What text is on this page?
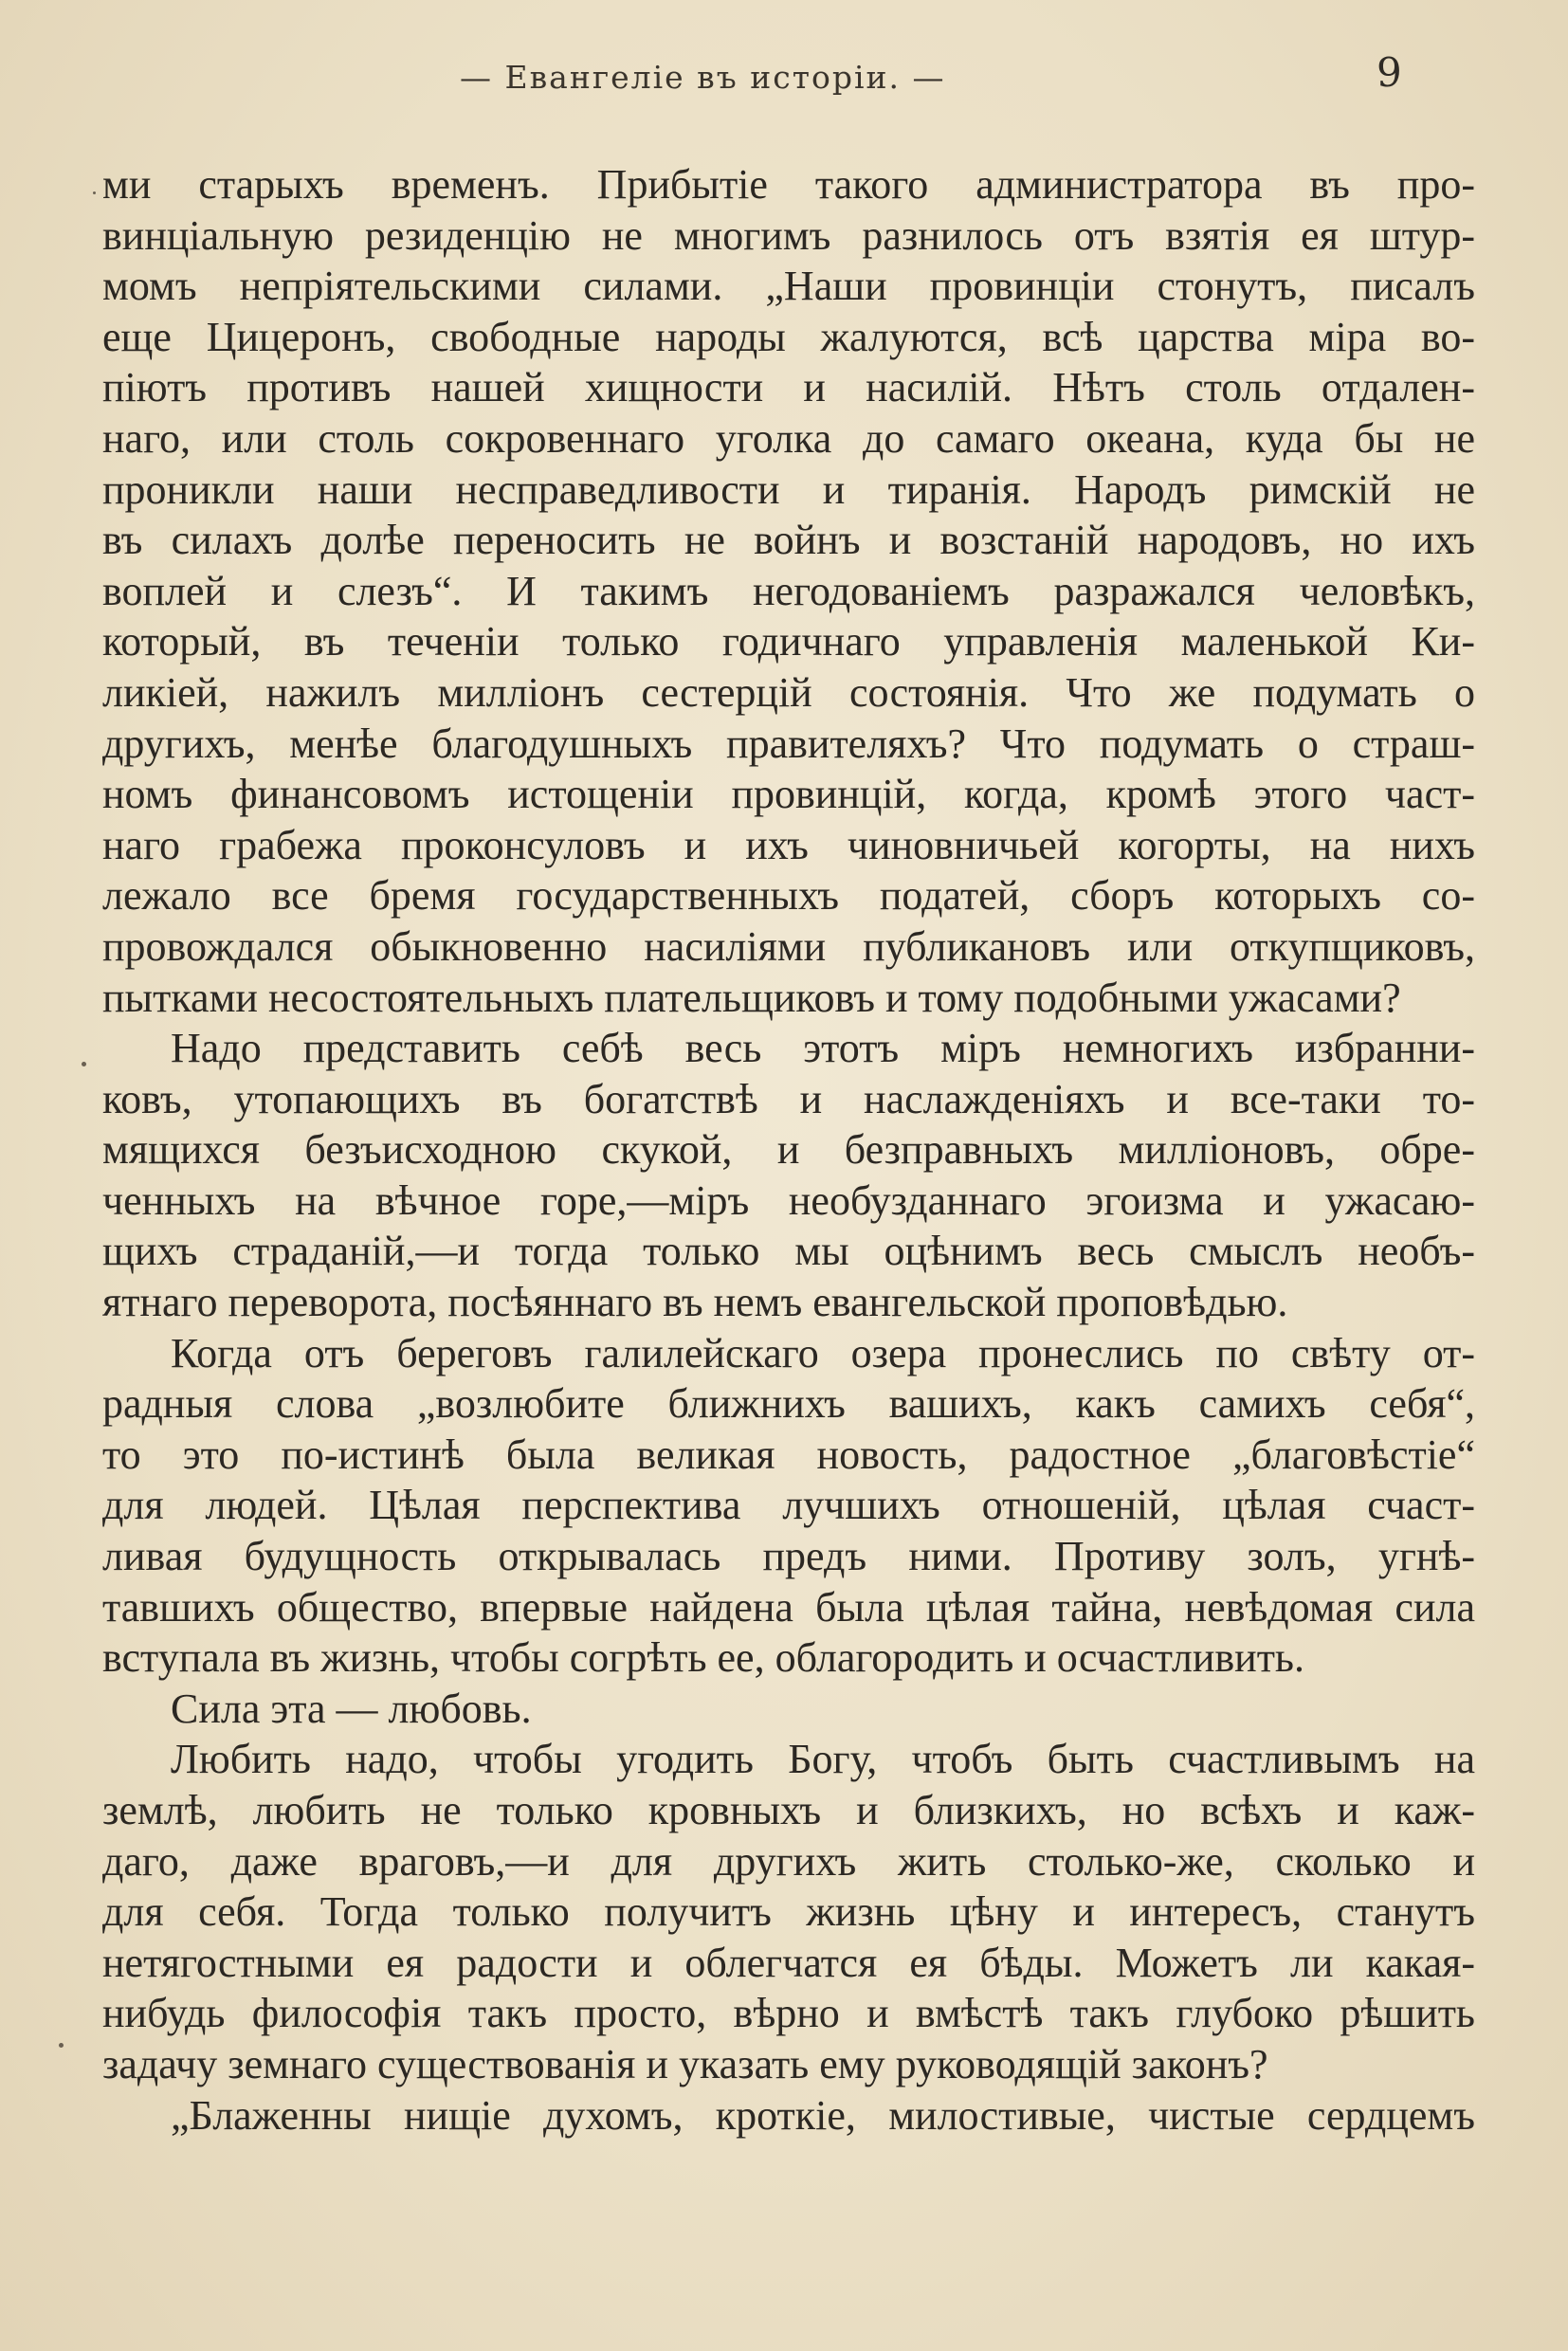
— Евангеліе въ исторіи. —	9
ми старыхъ временъ. Прибытіе такого администратора въ про-
винціальную резиденцію не многимъ разнилось отъ взятія ея штур-
момъ непріятельскими силами. „Наши провинціи стонутъ, писалъ
еще Цицеронъ, свободные народы жалуются, всѣ царства міра во-
піютъ противъ нашей хищности и насилій. Нѣтъ столь отдален-
наго, или столь сокровеннаго уголка до самаго океана, куда бы не
проникли наши несправедливости и тиранія. Народъ римскій не
въ силахъ долѣе переносить не войнъ и возстаній народовъ, но ихъ
воплей и слезъ“. И такимъ негодованіемъ разражался человѣкъ,
который, въ теченіи только годичнаго управленія маленькой Ки-
ликіей, нажилъ милліонъ сестерцій состоянія. Что же подумать о
другихъ, менѣе благодушныхъ правителяхъ? Что подумать о страш-
номъ финансовомъ истощеніи провинцій, когда, кромѣ этого част-
наго грабежа проконсуловъ и ихъ чиновничьей когорты, на нихъ
лежало все бремя государственныхъ податей, сборъ которыхъ со-
провождался обыкновенно насиліями публикановъ или откупщиковъ,
пытками несостоятельныхъ плательщиковъ и тому подобными ужасами?
Надо представить себѣ весь этотъ міръ немногихъ избранни-
ковъ, утопающихъ въ богатствѣ и наслажденіяхъ и все-таки то-
мящихся безъисходною скукой, и безправныхъ милліоновъ, обре-
ченныхъ на вѣчное горе,—міръ необузданнаго эгоизма и ужасаю-
щихъ страданій,—и тогда только мы оцѣнимъ весь смыслъ необъ-
ятнаго переворота, посѣяннаго въ немъ евангельской проповѣдью.
Когда отъ береговъ галилейскаго озера пронеслись по свѣту от-
радныя слова „возлюбите ближнихъ вашихъ, какъ самихъ себя“,
то это по-истинѣ была великая новость, радостное „благовѣстіе“
для людей. Цѣлая перспектива лучшихъ отношеній, цѣлая счаст-
ливая будущность открывалась предъ ними. Противу золъ, угнѣ-
тавшихъ общество, впервые найдена была цѣлая тайна, невѣдомая сила
вступала въ жизнь, чтобы согрѣть ее, облагородить и осчастливить.
Сила эта — любовь.
Любить надо, чтобы угодить Богу, чтобъ быть счастливымъ на
землѣ, любить не только кровныхъ и близкихъ, но всѣхъ и каж-
даго, даже враговъ,—и для другихъ жить столько-же, сколько и
для себя. Тогда только получитъ жизнь цѣну и интересъ, станутъ
нетягостными ея радости и облегчатся ея бѣды. Можетъ ли какая-
нибудь философія такъ просто, вѣрно и вмѣстѣ такъ глубоко рѣшить
задачу земнаго существованія и указать ему руководящій законъ?
„Блаженны нищіе духомъ, кроткіе, милостивые, чистые сердцемъ
